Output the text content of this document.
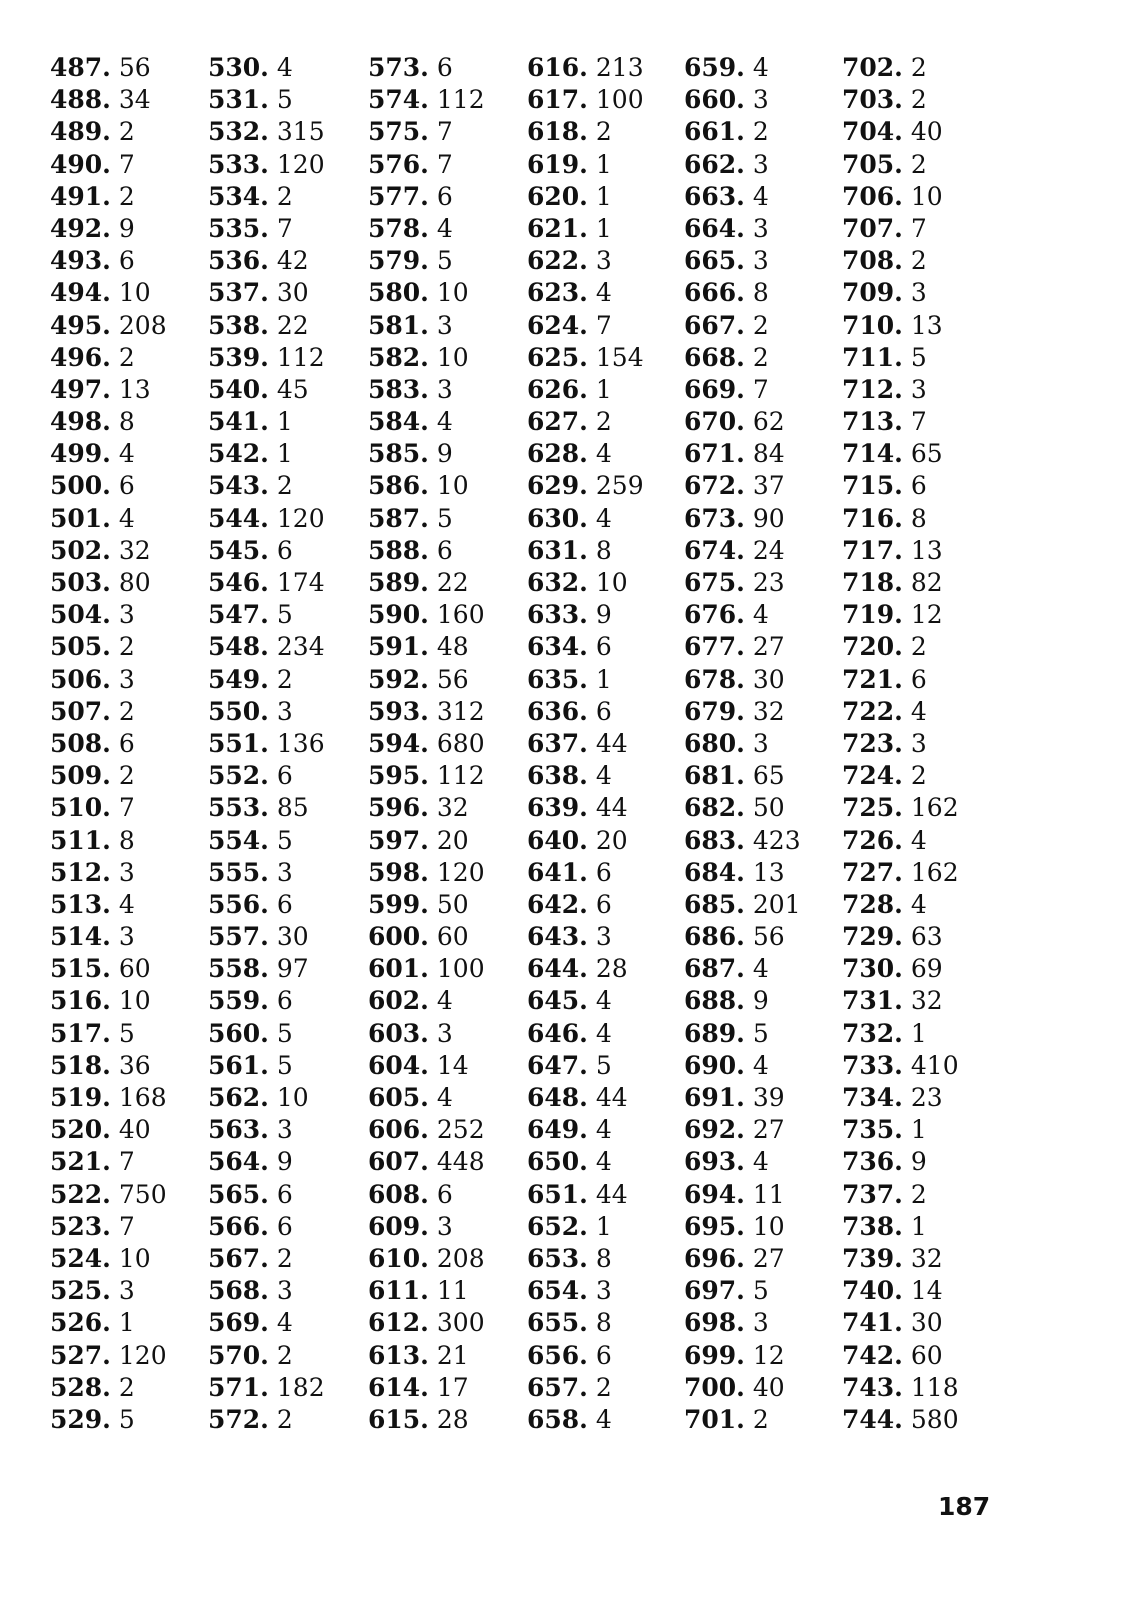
487. 56
488. 34
489. 2
490. 7
491. 2
492. 9
493. 6
494. 10
495. 208
496. 2
497. 13
498. 8
499. 4
500. 6
501. 4
502. 32
503. 80
504. 3
505. 2
506. 3
507. 2
508. 6
509. 2
510. 7
511. 8
512. 3
513. 4
514. 3
515. 60
516. 10
517. 5
518. 36
519. 168
520. 40
521. 7
522. 750
523. 7
524. 10
525. 3
526. 1
527. 120
528. 2
529. 5
530. 4
531. 5
532. 315
533. 120
534. 2
535. 7
536. 42
537. 30
538. 22
539. 112
540. 45
541. 1
542. 1
543. 2
544. 120
545. 6
546. 174
547. 5
548. 234
549. 2
550. 3
551. 136
552. 6
553. 85
554. 5
555. 3
556. 6
557. 30
558. 97
559. 6
560. 5
561. 5
562. 10
563. 3
564. 9
565. 6
566. 6
567. 2
568. 3
569. 4
570. 2
571. 182
572. 2
573. 6
574. 112
575. 7
576. 7
577. 6
578. 4
579. 5
580. 10
581. 3
582. 10
583. 3
584. 4
585. 9
586. 10
587. 5
588. 6
589. 22
590. 160
591. 48
592. 56
593. 312
594. 680
595. 112
596. 32
597. 20
598. 120
599. 50
600. 60
601. 100
602. 4
603. 3
604. 14
605. 4
606. 252
607. 448
608. 6
609. 3
610. 208
611. 11
612. 300
613. 21
614. 17
615. 28
616. 213
617. 100
618. 2
619. 1
620. 1
621. 1
622. 3
623. 4
624. 7
625. 154
626. 1
627. 2
628. 4
629. 259
630. 4
631. 8
632. 10
633. 9
634. 6
635. 1
636. 6
637. 44
638. 4
639. 44
640. 20
641. 6
642. 6
643. 3
644. 28
645. 4
646. 4
647. 5
648. 44
649. 4
650. 4
651. 44
652. 1
653. 8
654. 3
655. 8
656. 6
657. 2
658. 4
659. 4
660. 3
661. 2
662. 3
663. 4
664. 3
665. 3
666. 8
667. 2
668. 2
669. 7
670. 62
671. 84
672. 37
673. 90
674. 24
675. 23
676. 4
677. 27
678. 30
679. 32
680. 3
681. 65
682. 50
683. 423
684. 13
685. 201
686. 56
687. 4
688. 9
689. 5
690. 4
691. 39
692. 27
693. 4
694. 11
695. 10
696. 27
697. 5
698. 3
699. 12
700. 40
701. 2
702. 2
703. 2
704. 40
705. 2
706. 10
707. 7
708. 2
709. 3
710. 13
711. 5
712. 3
713. 7
714. 65
715. 6
716. 8
717. 13
718. 82
719. 12
720. 2
721. 6
722. 4
723. 3
724. 2
725. 162
726. 4
727. 162
728. 4
729. 63
730. 69
731. 32
732. 1
733. 410
734. 23
735. 1
736. 9
737. 2
738. 1
739. 32
740. 14
741. 30
742. 60
743. 118
744. 580
187
